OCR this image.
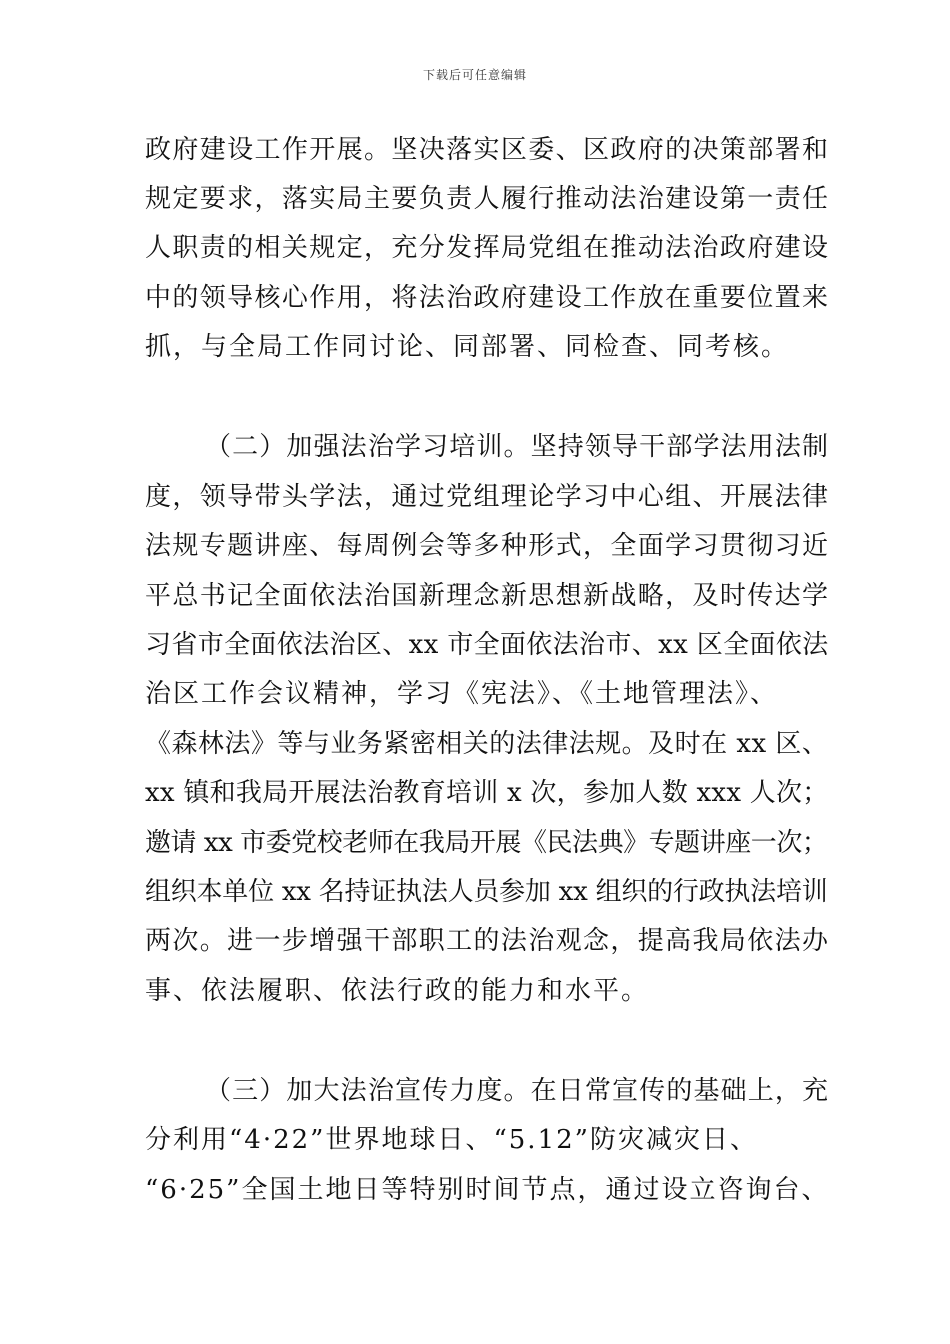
下载后可任意编辑
政府建设工作开展。坚决落实区委、区政府的决策部署和
规定要求，落实局主要负责人履行推动法治建设第一责任
人职责的相关规定，充分发挥局党组在推动法治政府建设
中的领导核心作用，将法治政府建设工作放在重要位置来
抓，与全局工作同讨论、同部署、同检查、同考核。
（二）加强法治学习培训。坚持领导干部学法用法制
度，领导带头学法，通过党组理论学习中心组、开展法律
法规专题讲座、每周例会等多种形式，全面学习贯彻习近
平总书记全面依法治国新理念新思想新战略，及时传达学
习省市全面依法治区、xx 市全面依法治市、xx 区全面依法
治区工作会议精神，学习《宪法》、《土地管理法》、
《森林法》等与业务紧密相关的法律法规。及时在 xx 区、
xx 镇和我局开展法治教育培训 x 次，参加人数 xxx 人次；
邀请 xx 市委党校老师在我局开展《民法典》专题讲座一次；
组织本单位 xx 名持证执法人员参加 xx 组织的行政执法培训
两次。进一步增强干部职工的法治观念，提高我局依法办
事、依法履职、依法行政的能力和水平。
（三）加大法治宣传力度。在日常宣传的基础上，充
分利用“4·22”世界地球日、“5.12”防灾减灾日、
“6·25”全国土地日等特别时间节点，通过设立咨询台、
